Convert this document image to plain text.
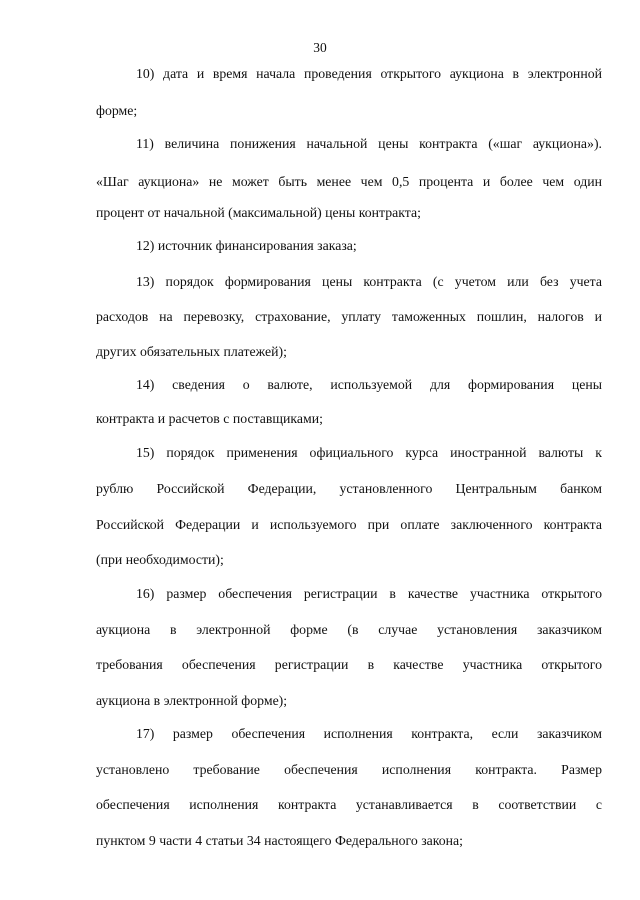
30
10) дата и время начала проведения открытого аукциона в электронной
форме;
11) величина понижения начальной цены контракта («шаг аукциона»).
«Шаг аукциона» не может быть менее чем 0,5 процента и более чем один
процент от начальной (максимальной) цены контракта;
12) источник финансирования заказа;
13) порядок формирования цены контракта (с учетом или без учета
расходов на перевозку, страхование, уплату таможенных пошлин, налогов и
других обязательных платежей);
14) сведения о валюте, используемой для формирования цены
контракта и расчетов с поставщиками;
15) порядок применения официального курса иностранной валюты к
рублю Российской Федерации, установленного Центральным банком
Российской Федерации и используемого при оплате заключенного контракта
(при необходимости);
16) размер обеспечения регистрации в качестве участника открытого
аукциона в электронной форме (в случае установления заказчиком
требования обеспечения регистрации в качестве участника открытого
аукциона в электронной форме);
17) размер обеспечения исполнения контракта, если заказчиком
установлено требование обеспечения исполнения контракта. Размер
обеспечения исполнения контракта устанавливается в соответствии с
пунктом 9 части 4 статьи 34 настоящего Федерального закона;
